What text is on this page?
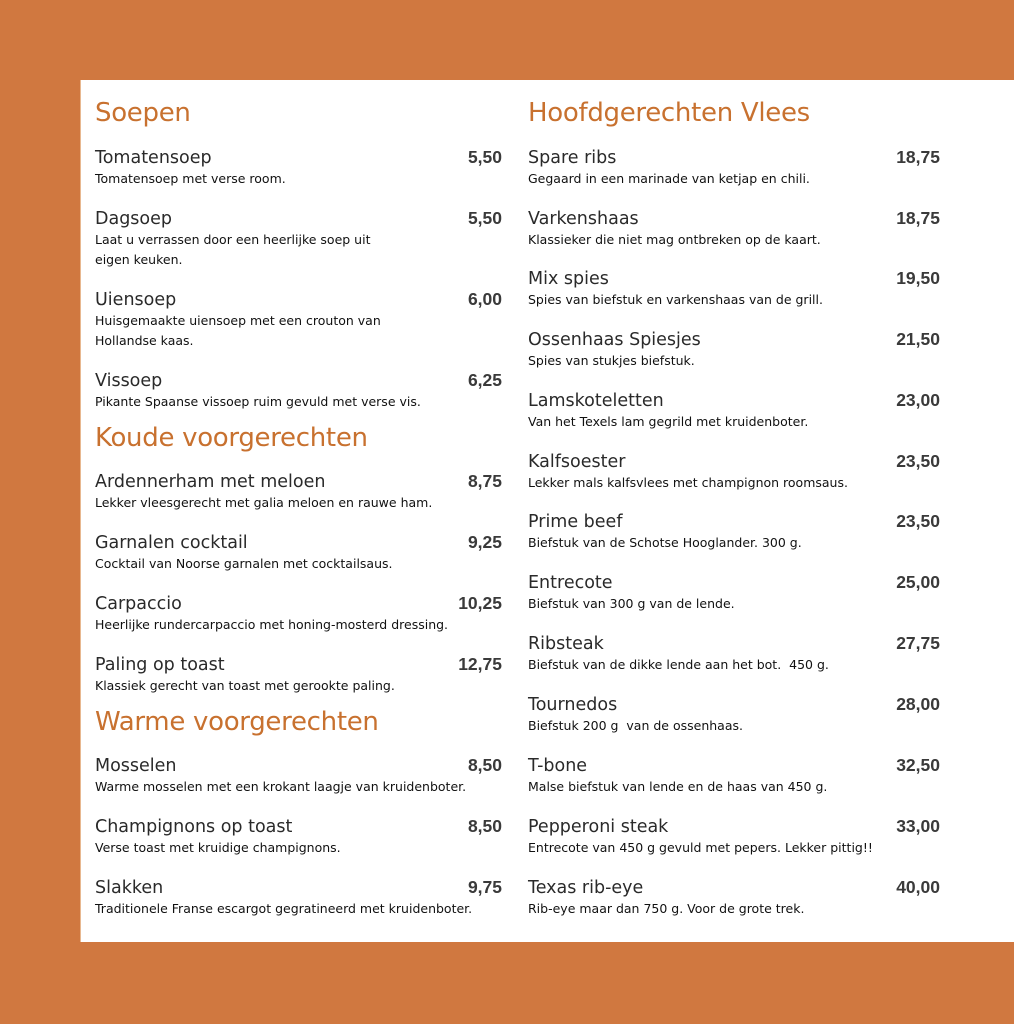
Soepen
Tomatensoep	5,50
Tomatensoep met verse room.
Dagsoep	5,50
Laat u verrassen door een heerlijke soep uit
eigen keuken.
Uiensoep	6,00
Huisgemaakte uiensoep met een crouton van
Hollandse kaas.
Vissoep	6,25
Pikante Spaanse vissoep ruim gevuld met verse vis.
Koude voorgerechten
Ardennerham met meloen	8,75
Lekker vleesgerecht met galia meloen en rauwe ham.
Garnalen cocktail	9,25
Cocktail van Noorse garnalen met cocktailsaus.
Carpaccio	10,25
Heerlijke rundercarpaccio met honing-mosterd dressing.
Paling op toast	12,75
Klassiek gerecht van toast met gerookte paling.
Warme voorgerechten
Mosselen	8,50
Warme mosselen met een krokant laagje van kruidenboter.
Champignons op toast	8,50
Verse toast met kruidige champignons.
Slakken	9,75
Traditionele Franse escargot gegratineerd met kruidenboter.
Hoofdgerechten Vlees
Spare ribs	18,75
Gegaard in een marinade van ketjap en chili.
Varkenshaas	18,75
Klassieker die niet mag ontbreken op de kaart.
Mix spies	19,50
Spies van biefstuk en varkenshaas van de grill.
Ossenhaas Spiesjes	21,50
Spies van stukjes biefstuk.
Lamskoteletten	23,00
Van het Texels lam gegrild met kruidenboter.
Kalfsoester	23,50
Lekker mals kalfsvlees met champignon roomsaus.
Prime beef	23,50
Biefstuk van de Schotse Hooglander. 300 g.
Entrecote	25,00
Biefstuk van 300 g van de lende.
Ribsteak	27,75
Biefstuk van de dikke lende aan het bot.  450 g.
Tournedos	28,00
Biefstuk 200 g  van de ossenhaas.
T-bone	32,50
Malse biefstuk van lende en de haas van 450 g.
Pepperoni steak	33,00
Entrecote van 450 g gevuld met pepers. Lekker pittig!!
Texas rib-eye	40,00
Rib-eye maar dan 750 g. Voor de grote trek.
